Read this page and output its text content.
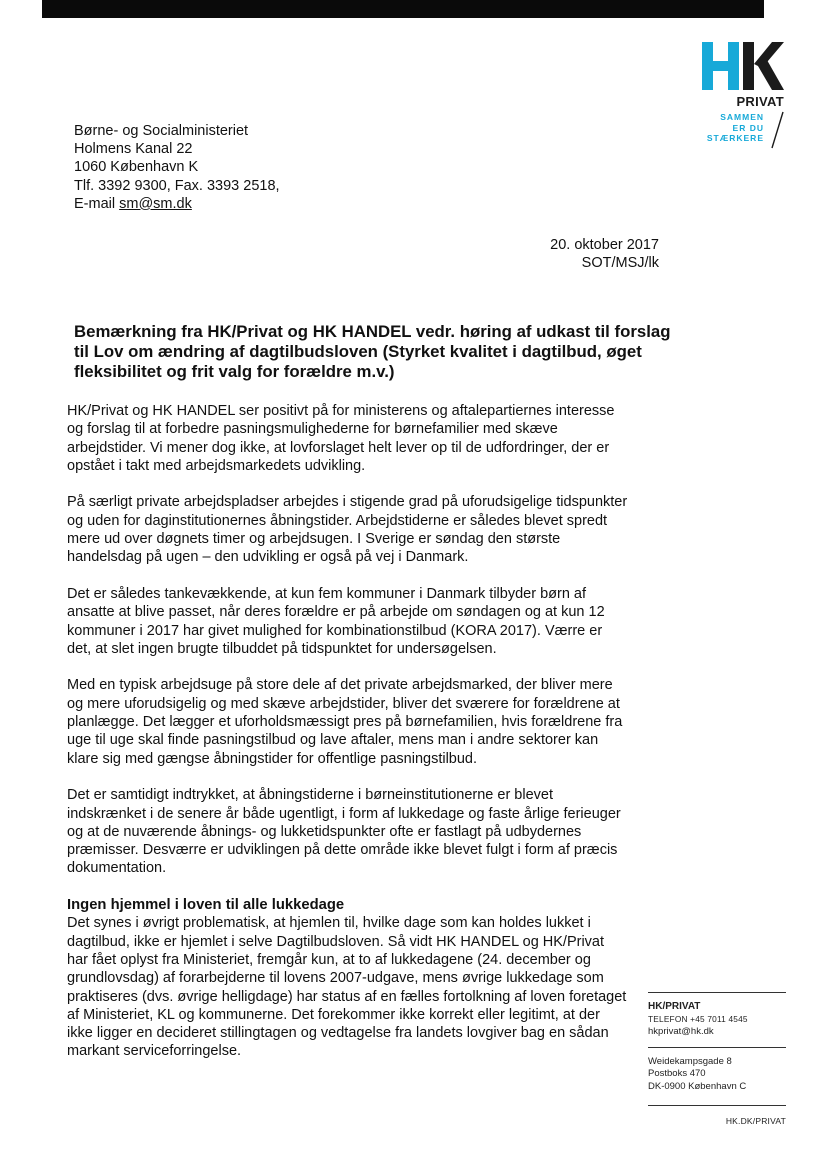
PRIVAT
SAMMEN
ER DU
STÆRKERE
Børne- og Socialministeriet
Holmens Kanal 22
1060 København K
Tlf. 3392 9300, Fax. 3393 2518,
E-mail sm@sm.dk
20. oktober 2017
SOT/MSJ/lk
Bemærkning fra HK/Privat og HK HANDEL vedr. høring af udkast til forslag til Lov om ændring af dagtilbudsloven (Styrket kvalitet i dagtilbud, øget fleksibilitet og frit valg for forældre m.v.)

HK/Privat og HK HANDEL ser positivt på for ministerens og aftalepartiernes interesse
og forslag til at forbedre pasningsmulighederne for børnefamilier med skæve
arbejdstider. Vi mener dog ikke, at lovforslaget helt lever op til de udfordringer, der er
opstået i takt med arbejdsmarkedets udvikling.

På særligt private arbejdspladser arbejdes i stigende grad på uforudsigelige tidspunkter
og uden for daginstitutionernes åbningstider. Arbejdstiderne er således blevet spredt
mere ud over døgnets timer og arbejdsugen. I Sverige er søndag den største
handelsdag på ugen – den udvikling er også på vej i Danmark.

Det er således tankevækkende, at kun fem kommuner i Danmark tilbyder børn af
ansatte at blive passet, når deres forældre er på arbejde om søndagen og at kun 12
kommuner i 2017 har givet mulighed for kombinationstilbud (KORA 2017). Værre er
det, at slet ingen brugte tilbuddet på tidspunktet for undersøgelsen.

Med en typisk arbejdsuge på store dele af det private arbejdsmarked, der bliver mere
og mere uforudsigelig og med skæve arbejdstider, bliver det sværere for forældrene at
planlægge. Det lægger et uforholdsmæssigt pres på børnefamilien, hvis forældrene fra
uge til uge skal finde pasningstilbud og lave aftaler, mens man i andre sektorer kan
klare sig med gængse åbningstider for offentlige pasningstilbud.

Det er samtidigt indtrykket, at åbningstiderne i børneinstitutionerne er blevet
indskrænket i de senere år både ugentligt, i form af lukkedage og faste årlige ferieuger
og at de nuværende åbnings- og lukketidspunkter ofte er fastlagt på udbydernes
præmisser. Desværre er udviklingen på dette område ikke blevet fulgt i form af præcis
dokumentation.

Ingen hjemmel i loven til alle lukkedage
Det synes i øvrigt problematisk, at hjemlen til, hvilke dage som kan holdes lukket i
dagtilbud, ikke er hjemlet i selve Dagtilbudsloven. Så vidt HK HANDEL og HK/Privat
har fået oplyst fra Ministeriet, fremgår kun, at to af lukkedagene (24. december og
grundlovsdag) af forarbejderne til lovens 2007-udgave, mens øvrige lukkedage som
praktiseres (dvs. øvrige helligdage) har status af en fælles fortolkning af loven foretaget
af Ministeriet, KL og kommunerne. Det forekommer ikke korrekt eller legitimt, at der
ikke ligger en decideret stillingtagen og vedtagelse fra landets lovgiver bag en sådan
markant serviceforringelse.
HK/PRIVAT
TELEFON +45 7011 4545
hkprivat@hk.dk
Weidekampsgade 8
Postboks 470
DK-0900 København C
HK.DK/PRIVAT
